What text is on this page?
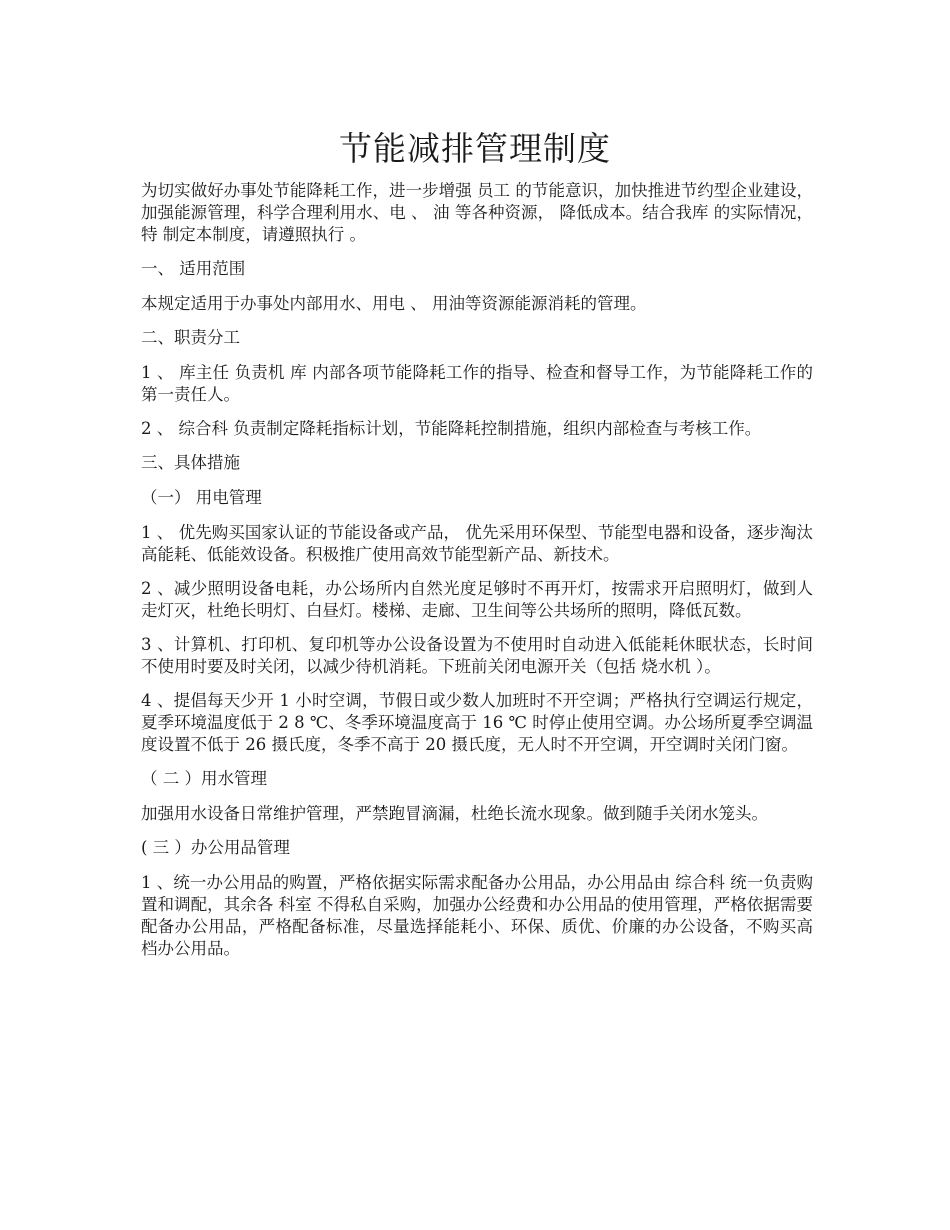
节能减排管理制度

为切实做好办事处节能降耗工作，进一步增强 员工 的节能意识，加快推进节约型企业建设，加强能源管理，科学合理利用水、电 、 油 等各种资源， 降低成本。结合我库 的实际情况， 特 制定本制度，请遵照执行 。

一、 适用范围

本规定适用于办事处内部用水、用电 、 用油等资源能源消耗的管理。

二、职责分工

1 、 库主任 负责机 库 内部各项节能降耗工作的指导、检查和督导工作，为节能降耗工作的第一责任人。

2 、 综合科 负责制定降耗指标计划，节能降耗控制措施，组织内部检查与考核工作。

三、具体措施

（一） 用电管理

1 、 优先购买国家认证的节能设备或产品， 优先采用环保型、节能型电器和设备，逐步淘汰高能耗、低能效设备。积极推广使用高效节能型新产品、新技术。

2 、减少照明设备电耗，办公场所内自然光度足够时不再开灯，按需求开启照明灯，做到人走灯灭，杜绝长明灯、白昼灯。楼梯、走廊、卫生间等公共场所的照明，降低瓦数。

3 、计算机、打印机、复印机等办公设备设置为不使用时自动进入低能耗休眠状态，长时间不使用时要及时关闭，以减少待机消耗。下班前关闭电源开关（包括 烧水机 ）。

4 、提倡每天少开 1 小时空调，节假日或少数人加班时不开空调；严格执行空调运行规定，夏季环境温度低于 2 8 ℃、冬季环境温度高于 16 ℃ 时停止使用空调。办公场所夏季空调温度设置不低于 26 摄氏度，冬季不高于 20 摄氏度，无人时不开空调，开空调时关闭门窗。

（ 二 ）用水管理

加强用水设备日常维护管理，严禁跑冒滴漏，杜绝长流水现象。做到随手关闭水笼头。

( 三 ）办公用品管理

1 、统一办公用品的购置，严格依据实际需求配备办公用品，办公用品由 综合科 统一负责购置和调配，其余各 科室 不得私自采购，加强办公经费和办公用品的使用管理，严格依据需要配备办公用品，严格配备标准，尽量选择能耗小、环保、质优、价廉的办公设备，不购买高档办公用品。
